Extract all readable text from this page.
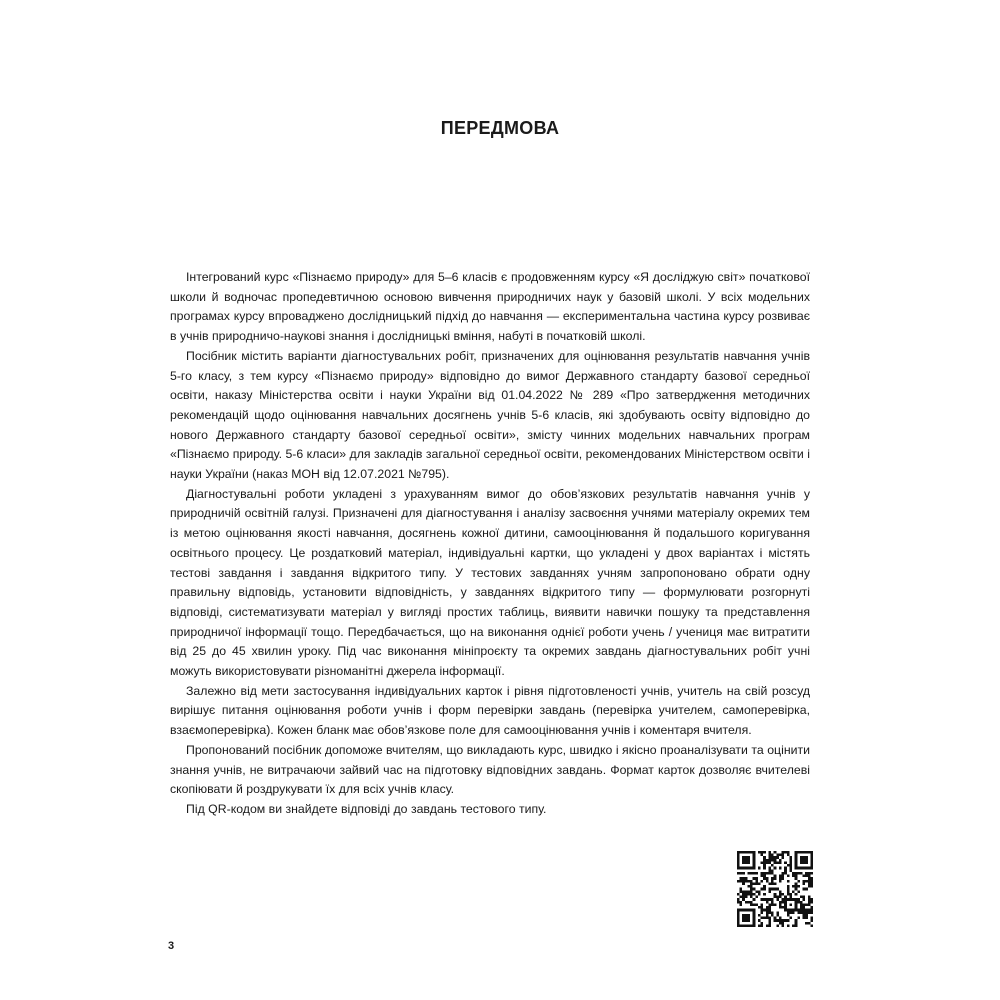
ПЕРЕДМОВА

Інтегрований курс «Пізнаємо природу» для 5–6 класів є продовженням курсу «Я досліджую світ» початкової школи й водночас пропедевтичною основою вивчення природничих наук у базовій школі. У всіх модельних програмах курсу впроваджено дослідницький підхід до навчання — експериментальна частина курсу розвиває в учнів природничо-наукові знання і дослідницькі вміння, набуті в початковій школі.

Посібник містить варіанти діагностувальних робіт, призначених для оцінювання результатів навчання учнів 5-го класу, з тем курсу «Пізнаємо природу» відповідно до вимог Державного стандарту базової середньої освіти, наказу Міністерства освіти і науки України від 01.04.2022 № 289 «Про затвердження методичних рекомендацій щодо оцінювання навчальних досягнень учнів 5-6 класів, які здобувають освіту відповідно до нового Державного стандарту базової середньої освіти», змісту чинних модельних навчальних програм «Пізнаємо природу. 5-6 класи» для закладів загальної середньої освіти, рекомендованих Міністерством освіти і науки України (наказ МОН від 12.07.2021 №795).

Діагностувальні роботи укладені з урахуванням вимог до обов’язкових результатів навчання учнів у природничій освітній галузі. Призначені для діагностування і аналізу засвоєння учнями матеріалу окремих тем із метою оцінювання якості навчання, досягнень кожної дитини, самооцінювання й подальшого коригування освітнього процесу. Це роздатковий матеріал, індивідуальні картки, що укладені у двох варіантах і містять тестові завдання і завдання відкритого типу. У тестових завданнях учням запропоновано обрати одну правильну відповідь, установити відповідність, у завданнях відкритого типу — формулювати розгорнуті відповіді, систематизувати матеріал у вигляді простих таблиць, виявити навички пошуку та представлення природничої інформації тощо. Передбачається, що на виконання однієї роботи учень / учениця має витратити від 25 до 45 хвилин уроку. Під час виконання мініпроєкту та окремих завдань діагностувальних робіт учні можуть використовувати різноманітні джерела інформації.

Залежно від мети застосування індивідуальних карток і рівня підготовленості учнів, учитель на свій розсуд вирішує питання оцінювання роботи учнів і форм перевірки завдань (перевірка учителем, самоперевірка, взаємоперевірка). Кожен бланк має обов’язкове поле для самооцінювання учнів і коментаря вчителя.

Пропонований посібник допоможе вчителям, що викладають курс, швидко і якісно проаналізувати та оцінити знання учнів, не витрачаючи зайвий час на підготовку відповідних завдань. Формат карток дозволяє вчителеві скопіювати й роздрукувати їх для всіх учнів класу.

Під QR-кодом ви знайдете відповіді до завдань тестового типу.

3
